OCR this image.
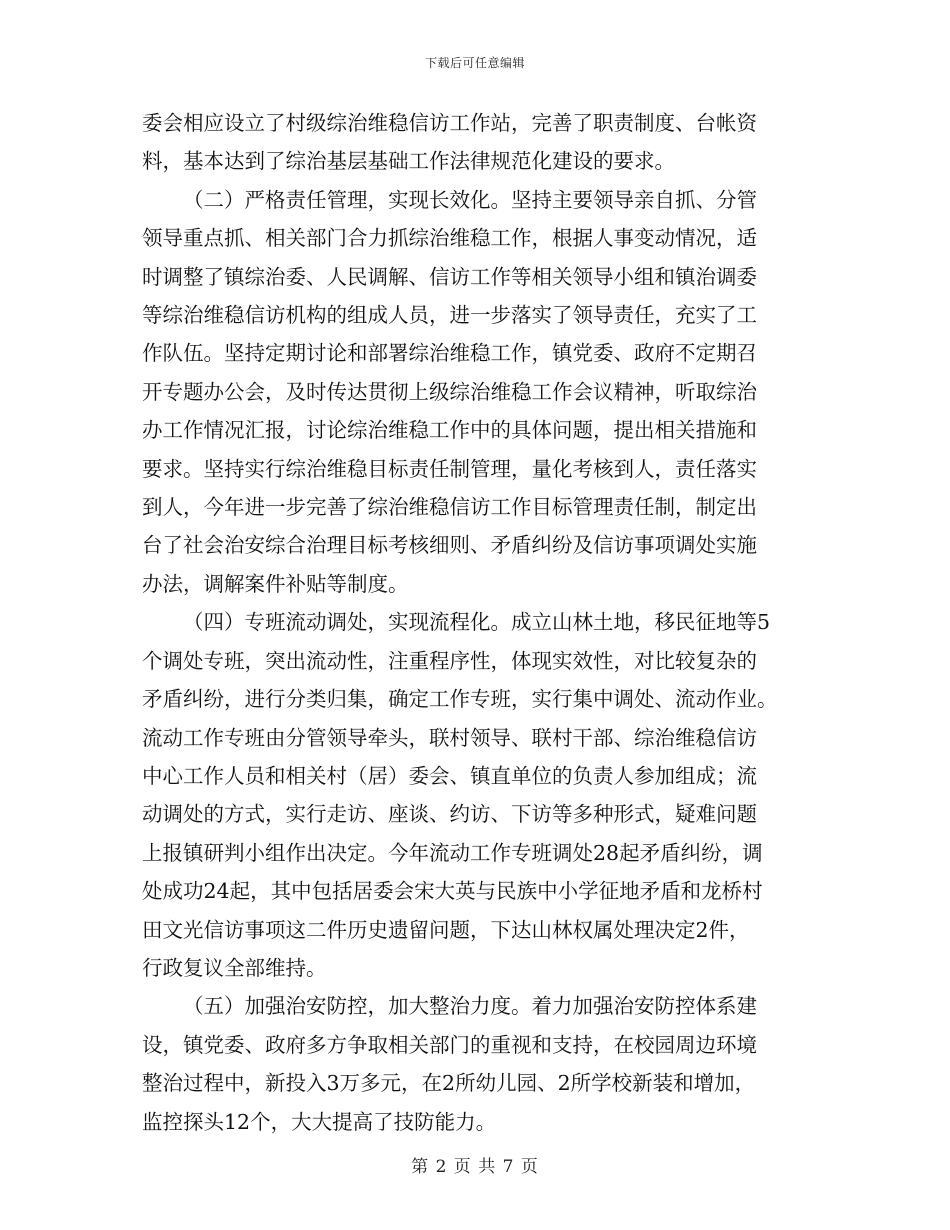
下载后可任意编辑

委会相应设立了村级综治维稳信访工作站，完善了职责制度、台帐资
料，基本达到了综治基层基础工作法律规范化建设的要求。

（二）严格责任管理，实现长效化。坚持主要领导亲自抓、分管
领导重点抓、相关部门合力抓综治维稳工作，根据人事变动情况，适
时调整了镇综治委、人民调解、信访工作等相关领导小组和镇治调委
等综治维稳信访机构的组成人员，进一步落实了领导责任，充实了工
作队伍。坚持定期讨论和部署综治维稳工作，镇党委、政府不定期召
开专题办公会，及时传达贯彻上级综治维稳工作会议精神，听取综治
办工作情况汇报，讨论综治维稳工作中的具体问题，提出相关措施和
要求。坚持实行综治维稳目标责任制管理，量化考核到人，责任落实
到人，今年进一步完善了综治维稳信访工作目标管理责任制，制定出
台了社会治安综合治理目标考核细则、矛盾纠纷及信访事项调处实施
办法，调解案件补贴等制度。

（四）专班流动调处，实现流程化。成立山林土地，移民征地等5
个调处专班，突出流动性，注重程序性，体现实效性，对比较复杂的
矛盾纠纷，进行分类归集，确定工作专班，实行集中调处、流动作业。
流动工作专班由分管领导牵头，联村领导、联村干部、综治维稳信访
中心工作人员和相关村（居）委会、镇直单位的负责人参加组成；流
动调处的方式，实行走访、座谈、约访、下访等多种形式，疑难问题
上报镇研判小组作出决定。今年流动工作专班调处28起矛盾纠纷，调
处成功24起，其中包括居委会宋大英与民族中小学征地矛盾和龙桥村
田文光信访事项这二件历史遗留问题，下达山林权属处理决定2件，
行政复议全部维持。

（五）加强治安防控，加大整治力度。着力加强治安防控体系建
设，镇党委、政府多方争取相关部门的重视和支持，在校园周边环境
整治过程中，新投入3万多元，在2所幼儿园、2所学校新装和增加，
监控探头12个，大大提高了技防能力。

第 2 页 共 7 页
